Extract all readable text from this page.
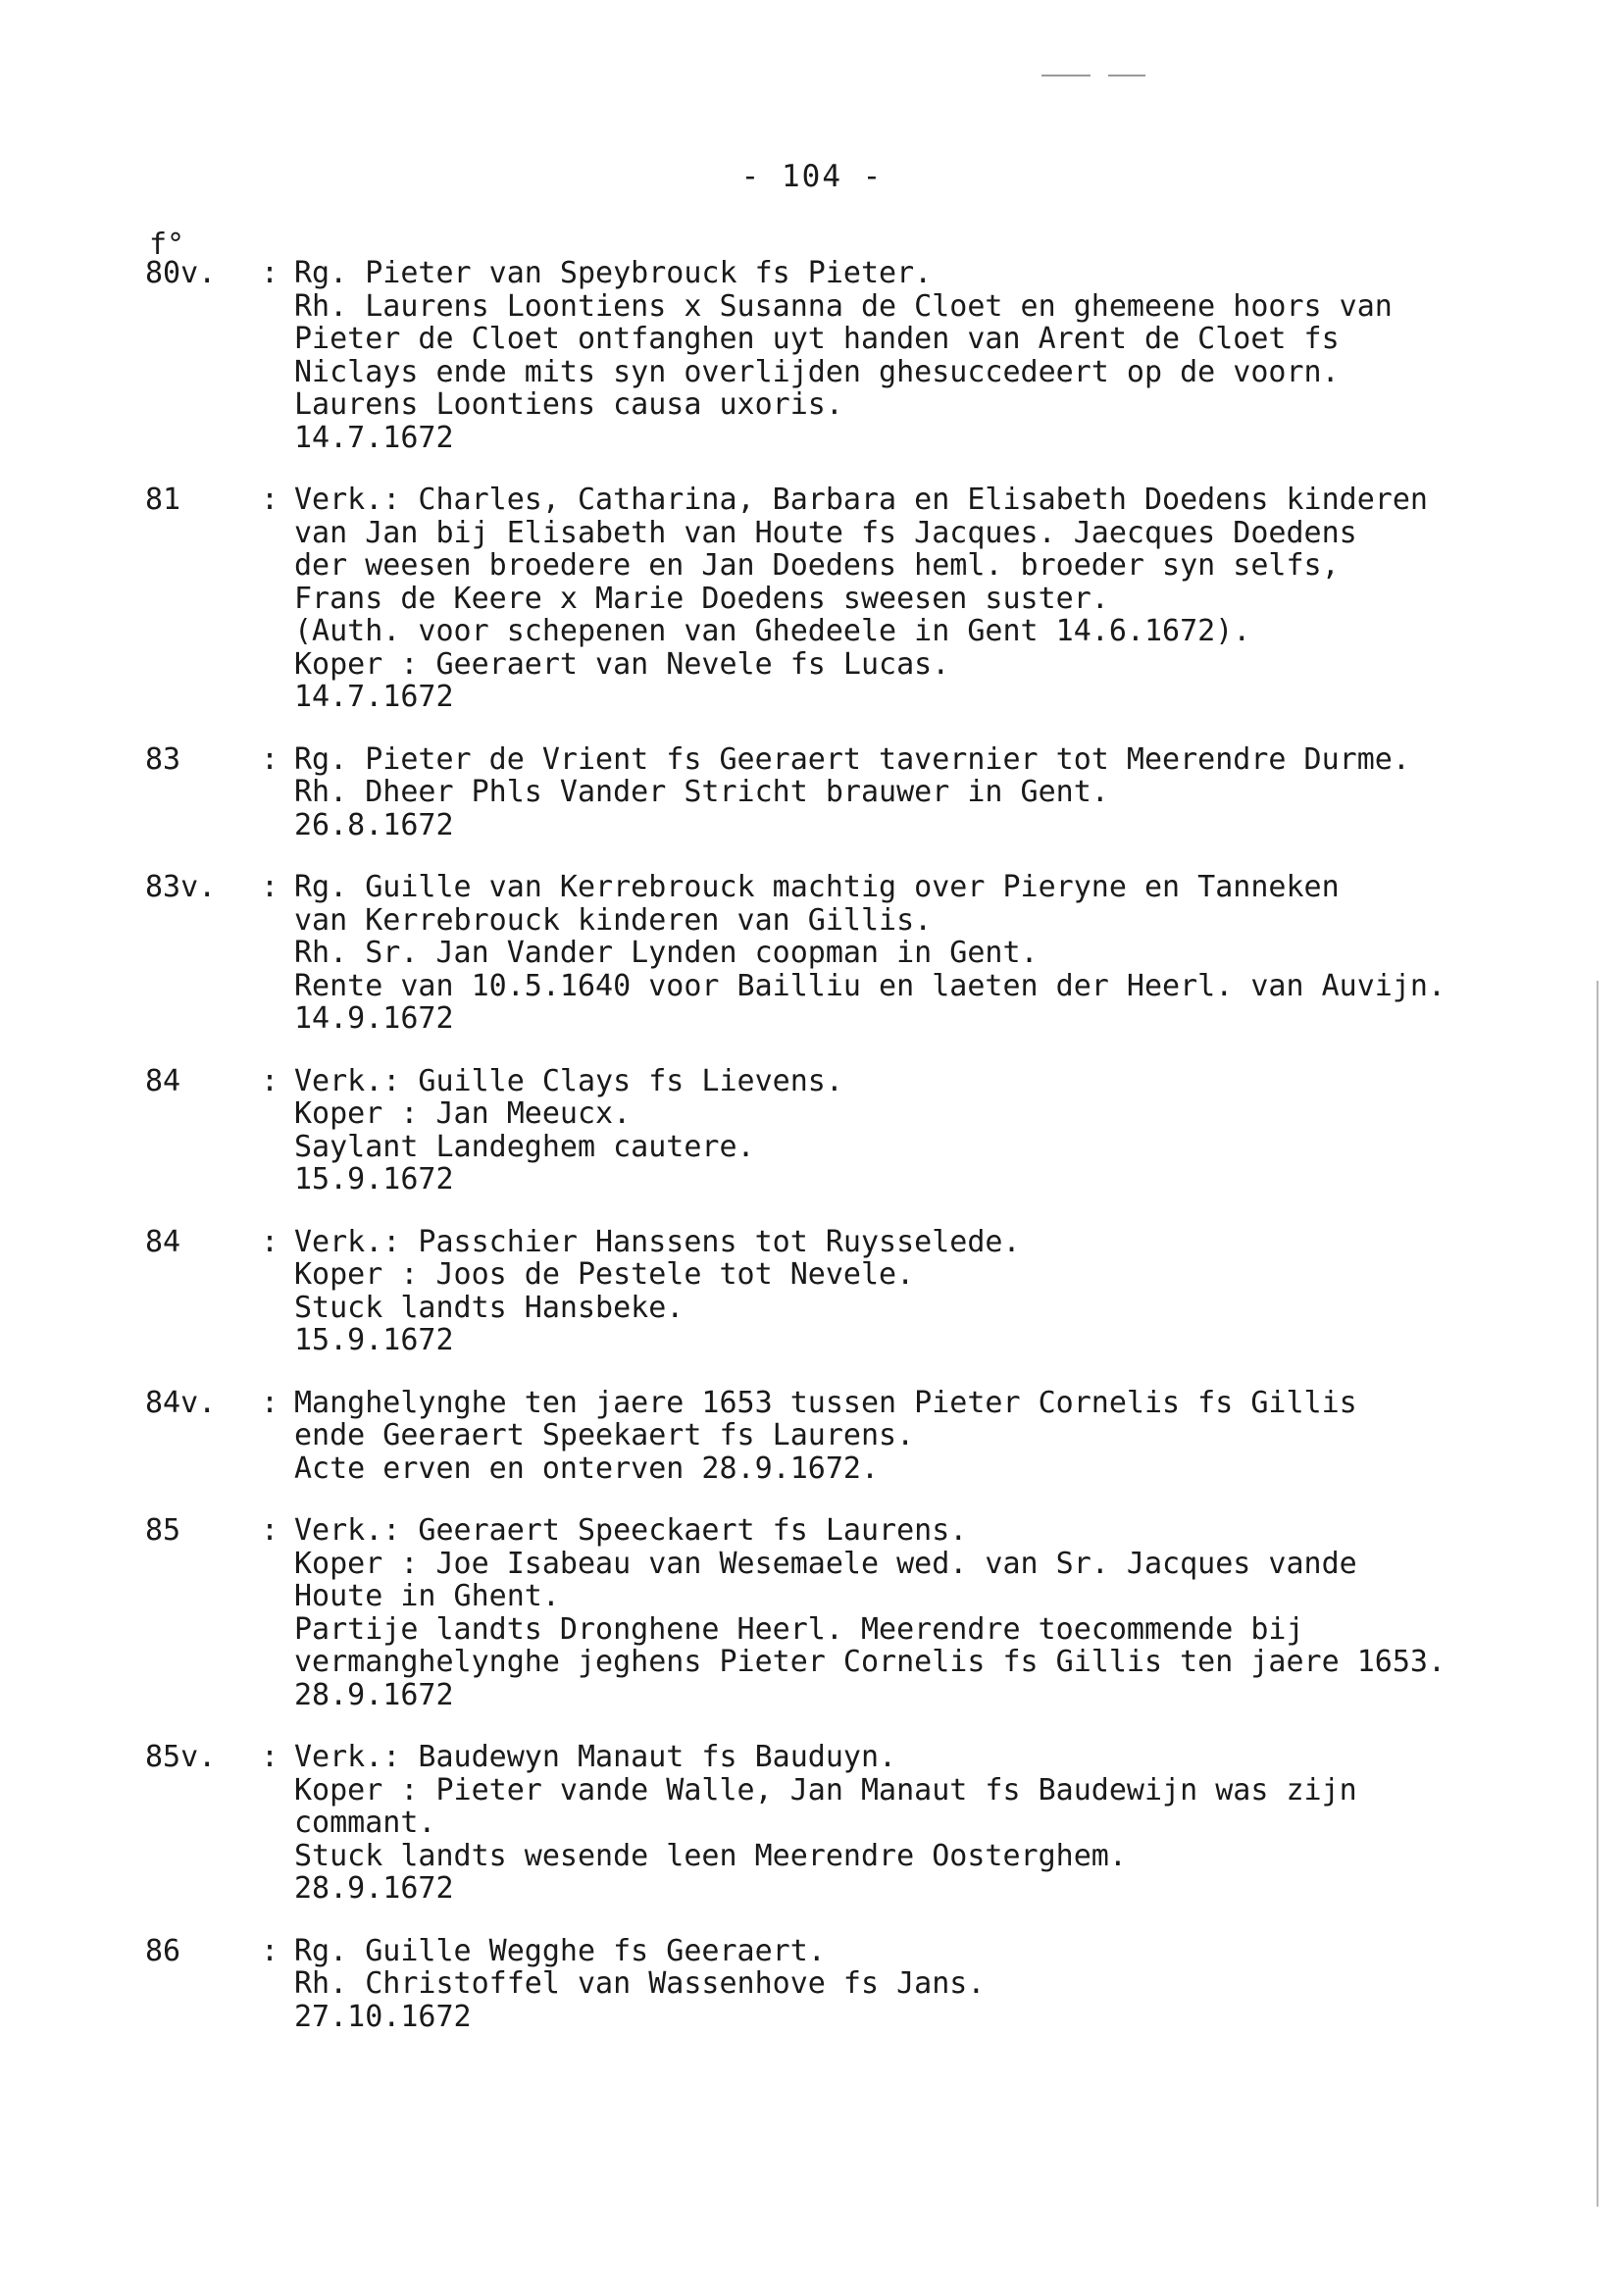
- 104 -
f°
80v.	: Rg. Pieter van Speybrouck fs Pieter.
Rh. Laurens Loontiens x Susanna de Cloet en ghemeene hoors van
Pieter de Cloet ontfanghen uyt handen van Arent de Cloet fs
Niclays ende mits syn overlijden ghesuccedeert op de voorn.
Laurens Loontiens causa uxoris.
14.7.1672
81	: Verk.: Charles, Catharina, Barbara en Elisabeth Doedens kinderen
van Jan bij Elisabeth van Houte fs Jacques. Jaecques Doedens
der weesen broedere en Jan Doedens heml. broeder syn selfs,
Frans de Keere x Marie Doedens sweesen suster.
(Auth. voor schepenen van Ghedeele in Gent 14.6.1672).
Koper : Geeraert van Nevele fs Lucas.
14.7.1672
83	: Rg. Pieter de Vrient fs Geeraert tavernier tot Meerendre Durme.
Rh. Dheer Phls Vander Stricht brauwer in Gent.
26.8.1672
83v.	: Rg. Guille van Kerrebrouck machtig over Pieryne en Tanneken
van Kerrebrouck kinderen van Gillis.
Rh. Sr. Jan Vander Lynden coopman in Gent.
Rente van 10.5.1640 voor Bailliu en laeten der Heerl. van Auvijn.
14.9.1672
84	: Verk.: Guille Clays fs Lievens.
Koper : Jan Meeucx.
Saylant Landeghem cautere.
15.9.1672
84	: Verk.: Passchier Hanssens tot Ruysselede.
Koper : Joos de Pestele tot Nevele.
Stuck landts Hansbeke.
15.9.1672
84v.	: Manghelynghe ten jaere 1653 tussen Pieter Cornelis fs Gillis
ende Geeraert Speekaert fs Laurens.
Acte erven en onterven 28.9.1672.
85	: Verk.: Geeraert Speeckaert fs Laurens.
Koper : Joe Isabeau van Wesemaele wed. van Sr. Jacques vande
Houte in Ghent.
Partije landts Dronghene Heerl. Meerendre toecommende bij
vermanghelynghe jeghens Pieter Cornelis fs Gillis ten jaere 1653.
28.9.1672
85v.	: Verk.: Baudewyn Manaut fs Bauduyn.
Koper : Pieter vande Walle, Jan Manaut fs Baudewijn was zijn
commant.
Stuck landts wesende leen Meerendre Oosterghem.
28.9.1672
86	: Rg. Guille Wegghe fs Geeraert.
Rh. Christoffel van Wassenhove fs Jans.
27.10.1672
